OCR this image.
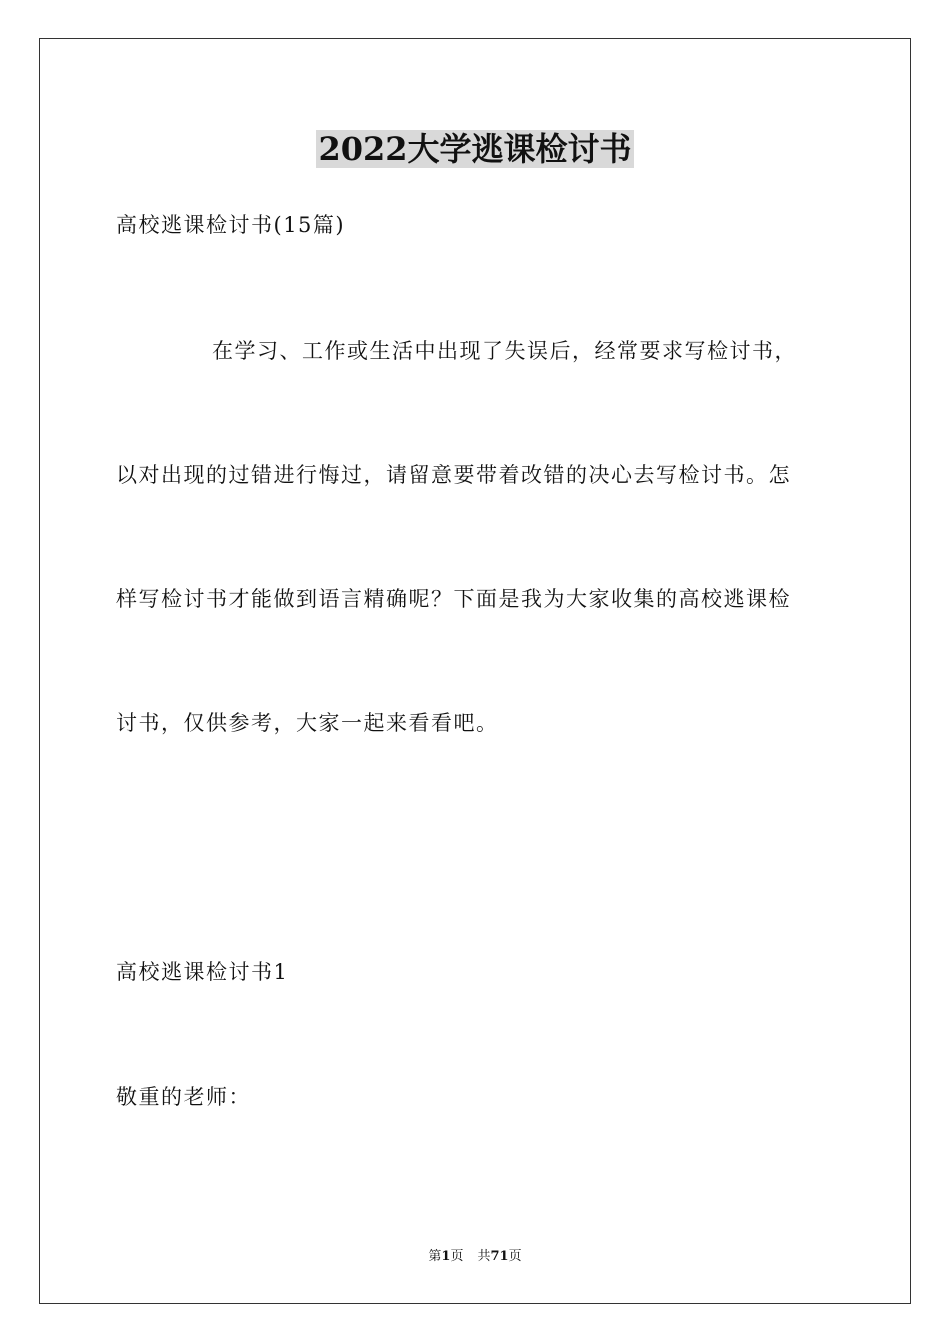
2022大学逃课检讨书
高校逃课检讨书(15篇)
在学习、工作或生活中出现了失误后，经常要求写检讨书，
以对出现的过错进行悔过，请留意要带着改错的决心去写检讨书。怎
样写检讨书才能做到语言精确呢？下面是我为大家收集的高校逃课检
讨书，仅供参考，大家一起来看看吧。
高校逃课检讨书1
敬重的老师：
第1页 共71页
